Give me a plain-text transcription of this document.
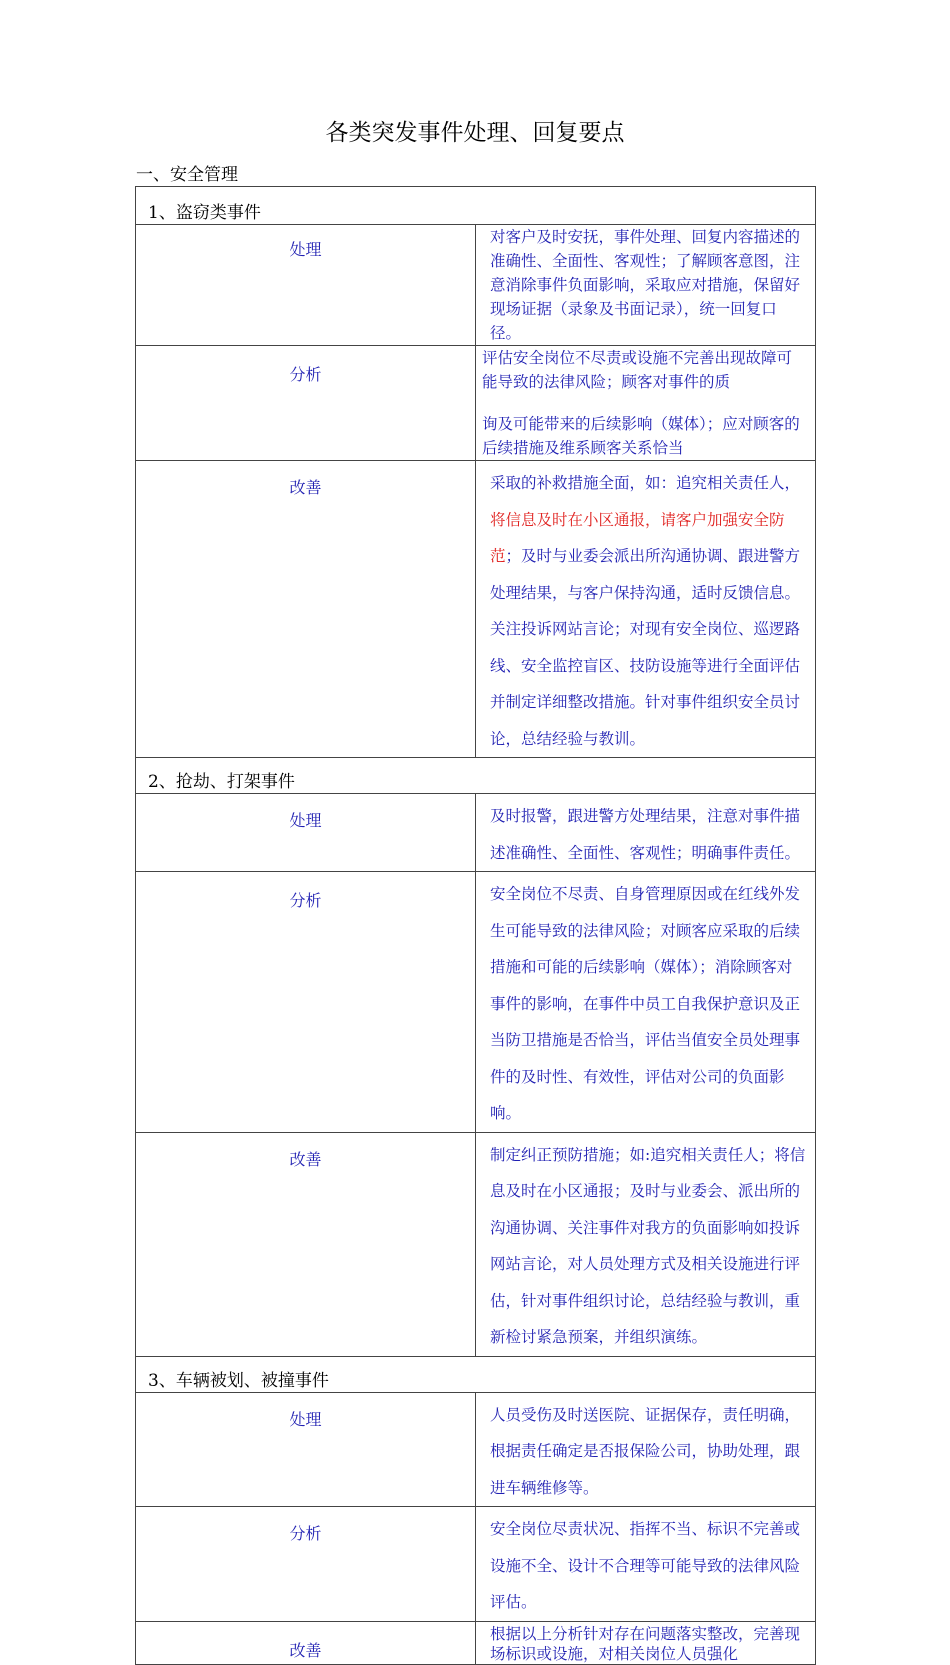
各类突发事件处理、回复要点
一、安全管理
1、盗窃类事件	
处理	对客户及时安抚，事件处理、回复内容描述的准确性、全面性、客观性；了解顾客意图，注意消除事件负面影响，采取应对措施，保留好现场证据（录象及书面记录），统一回复口径。

分析	评估安全岗位不尽责或设施不完善出现故障可能导致的法律风险；顾客对事件的质
询及可能带来的后续影响（媒体）；应对顾客的后续措施及维系顾客关系恰当

改善	采取的补救措施全面，如：追究相关责任人，将信息及时在小区通报，请客户加强安全防范；及时与业委会派出所沟通协调、跟进警方处理结果，与客户保持沟通，适时反馈信息。关注投诉网站言论；对现有安全岗位、巡逻路线、安全监控盲区、技防设施等进行全面评估并制定详细整改措施。针对事件组织安全员讨论，总结经验与教训。

2、抢劫、打架事件	
处理	及时报警，跟进警方处理结果，注意对事件描述准确性、全面性、客观性；明确事件责任。

分析	安全岗位不尽责、自身管理原因或在红线外发生可能导致的法律风险；对顾客应采取的后续措施和可能的后续影响（媒体）；消除顾客对事件的影响，在事件中员工自我保护意识及正当防卫措施是否恰当，评估当值安全员处理事件的及时性、有效性，评估对公司的负面影响。

改善	制定纠正预防措施；如:追究相关责任人；将信息及时在小区通报；及时与业委会、派出所的沟通协调、关注事件对我方的负面影响如投诉网站言论，对人员处理方式及相关设施进行评估，针对事件组织讨论，总结经验与教训，重新检讨紧急预案，并组织演练。

3、车辆被划、被撞事件	
处理	人员受伤及时送医院、证据保存，责任明确，根据责任确定是否报保险公司，协助处理，跟进车辆维修等。

分析	安全岗位尽责状况、指挥不当、标识不完善或设施不全、设计不合理等可能导致的法律风险评估。

改善	根据以上分析针对存在问题落实整改，完善现场标识或设施，对相关岗位人员强化
